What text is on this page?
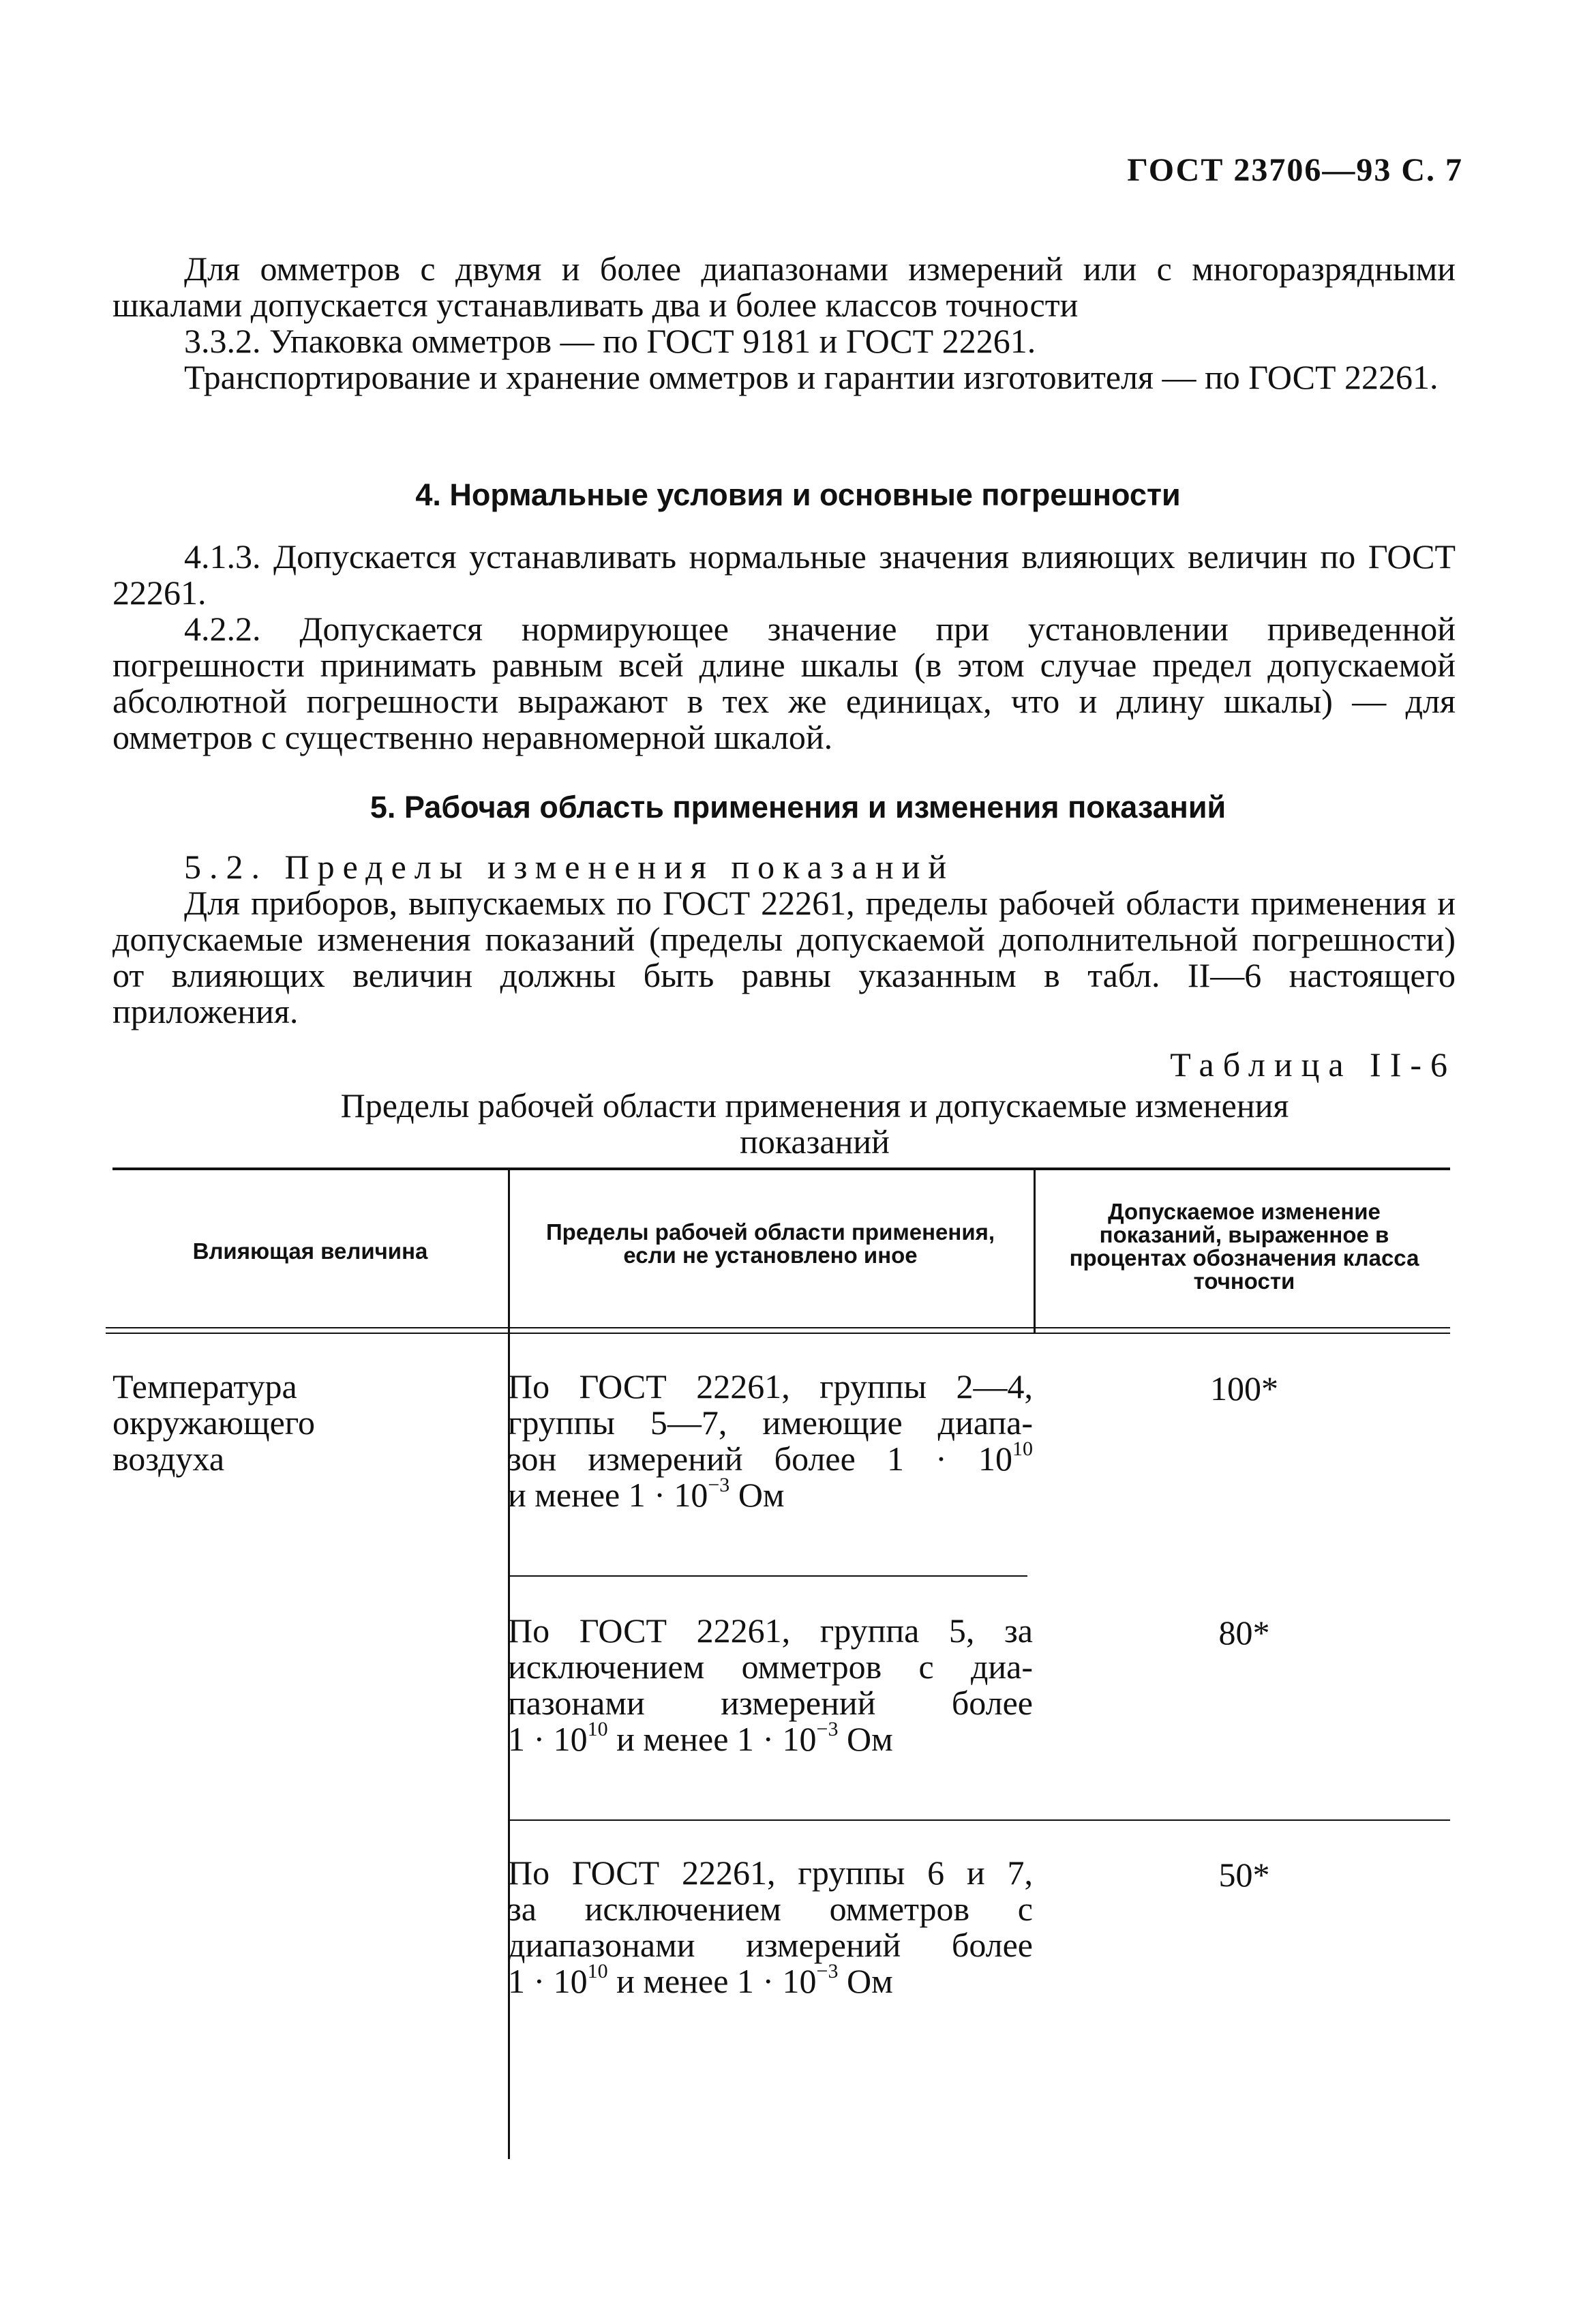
ГОСТ 23706—93 С. 7

Для омметров с двумя и более диапазонами измерений или с многоразрядными шкалами допускается устанавливать два и более классов точности

3.3.2. Упаковка омметров — по ГОСТ 9181 и ГОСТ 22261.

Транспортирование и хранение омметров и гарантии изготовителя — по ГОСТ 22261.

4. Нормальные условия и основные погрешности

4.1.3. Допускается устанавливать нормальные значения влияющих величин по ГОСТ 22261.

4.2.2. Допускается нормирующее значение при установлении приведенной погрешности принимать равным всей длине шкалы (в этом случае предел допускаемой абсолютной погрешности выражают в тех же единицах, что и длину шкалы) — для омметров с существенно неравномерной шкалой.

5. Рабочая область применения и изменения показаний

5.2. Пределы изменения показаний

Для приборов, выпускаемых по ГОСТ 22261, пределы рабочей области применения и допускаемые изменения показаний (пределы допускаемой дополнительной погрешности) от влияющих величин должны быть равны указанным в табл. II—6 настоящего приложения.

Таблица II-6

Пределы рабочей области применения и допускаемые изменения показаний

Влияющая величина

Пределы рабочей области применения, если не установлено иное

Допускаемое изменение показаний, выраженное в процентах обозначения класса точности

Температура окружающего воздуха

По ГОСТ 22261, группы 2—4,
группы 5—7, имеющие диапа-
зон измерений более $1 \cdot 10^{10}$
и менее $1 \cdot 10^{-3}$ Ом
100*
По ГОСТ 22261, группа 5, за
исключением омметров с диа-
пазонами измерений более
$1 \cdot 10^{10}$ и менее $1 \cdot 10^{-3}$ Ом
80*
По ГОСТ 22261, группы 6 и 7,
за исключением омметров с
диапазонами измерений более
$1 \cdot 10^{10}$ и менее $1 \cdot 10^{-3}$ Ом
50*
